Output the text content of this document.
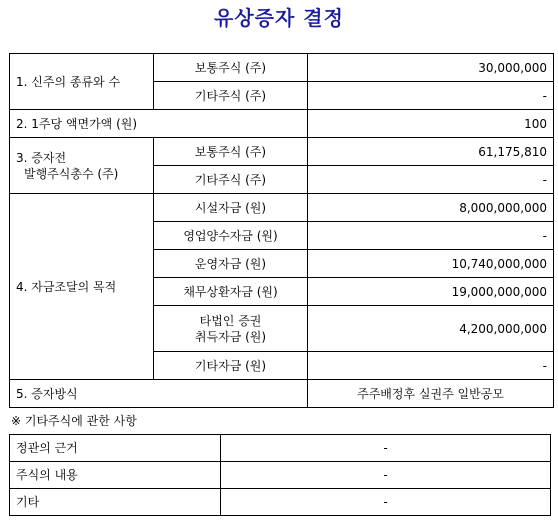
유상증자 결정
1. 신주의 종류와 수	보통주식 (주)	30,000,000
	기타주식 (주)	-
2. 1주당 액면가액 (원)		100

3. 증자전
발행주식총수 (주)	보통주식 (주)	61,175,810
	기타주식 (주)	-
4. 자금조달의 목적	시설자금 (원)	8,000,000,000
	영업양수자금 (원)	-
	운영자금 (원)	10,740,000,000
	채무상환자금 (원)	19,000,000,000

	타법인 증권
취득자금 (원)	4,200,000,000
	기타자금 (원)	-
5. 증자방식		주주배정후 실권주 일반공모
※ 기타주식에 관한 사항
정관의 근거	-
주식의 내용	-
기타	-
